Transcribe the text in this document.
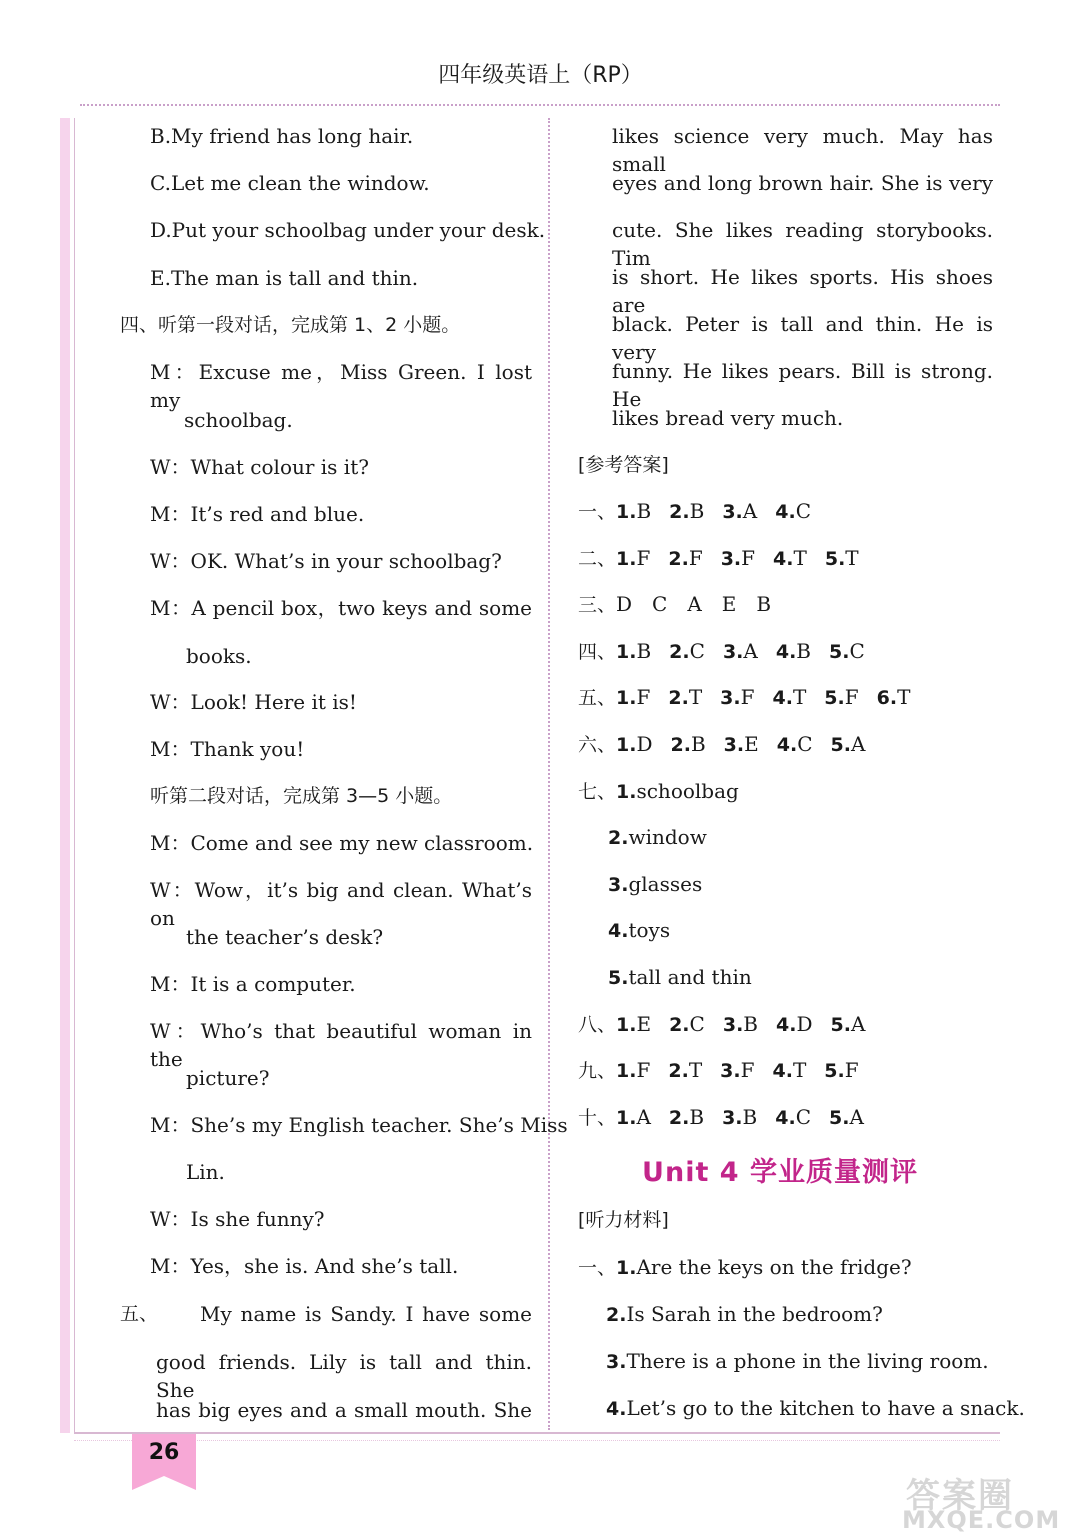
四年级英语上（RP）
B.My friend has long hair.
C.Let me clean the window.
D.Put your schoolbag under your desk.
E.The man is tall and thin.
四、听第一段对话，完成第 1、2 小题。
M：Excuse me，Miss Green. I lost my
schoolbag.
W：What colour is it?
M：It’s red and blue.
W：OK. What’s in your schoolbag?
M：A pencil box，two keys and some
books.
W：Look! Here it is!
M：Thank you!
听第二段对话，完成第 3—5 小题。
M：Come and see my new classroom.
W：Wow，it’s big and clean. What’s on
the teacher’s desk?
M：It is a computer.
W：Who’s that beautiful woman in the
picture?
M：She’s my English teacher. She’s Miss
Lin.
W：Is she funny?
M：Yes，she is. And she’s tall.
五、 My name is Sandy. I have some
good friends. Lily is tall and thin. She
has big eyes and a small mouth. She
likes science very much. May has small
eyes and long brown hair. She is very
cute. She likes reading storybooks. Tim
is short. He likes sports. His shoes are
black. Peter is tall and thin. He is very
funny. He likes pears. Bill is strong. He
likes bread very much.
[参考答案]
一、1.B 2.B 3.A 4.C
二、1.F 2.F 3.F 4.T 5.T
三、D　C　A　E　B
四、1.B 2.C 3.A 4.B 5.C
五、1.F 2.T 3.F 4.T 5.F 6.T
六、1.D 2.B 3.E 4.C 5.A
七、1.schoolbag
2.window
3.glasses
4.toys
5.tall and thin
八、1.E 2.C 3.B 4.D 5.A
九、1.F 2.T 3.F 4.T 5.F
十、1.A 2.B 3.B 4.C 5.A
Unit 4 学业质量测评
[听力材料]
一、1.Are the keys on the fridge?
2.Is Sarah in the bedroom?
3.There is a phone in the living room.
4.Let’s go to the kitchen to have a snack.
26
答案圈
MXQE.COM
